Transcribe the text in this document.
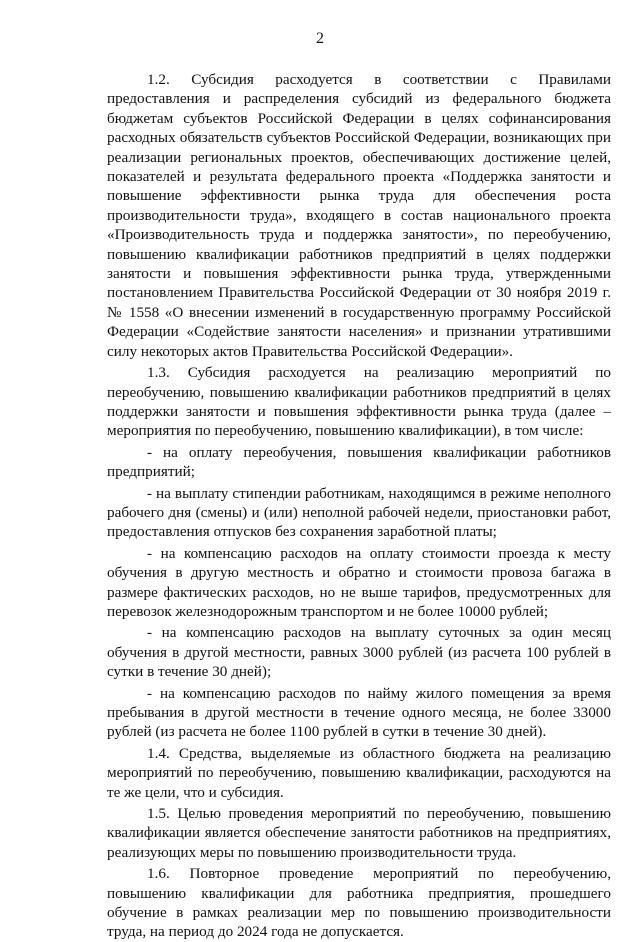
2

1.2. Субсидия расходуется в соответствии с Правилами предоставления и распределения субсидий из федерального бюджета бюджетам субъектов Российской Федерации в целях софинансирования расходных обязательств субъектов Российской Федерации, возникающих при реализации региональных проектов, обеспечивающих достижение целей, показателей и результата федерального проекта «Поддержка занятости и повышение эффективности рынка труда для обеспечения роста производительности труда», входящего в состав национального проекта «Производительность труда и поддержка занятости», по переобучению, повышению квалификации работников предприятий в целях поддержки занятости и повышения эффективности рынка труда, утвержденными постановлением Правительства Российской Федерации от 30 ноября 2019 г. № 1558 «О внесении изменений в государственную программу Российской Федерации «Содействие занятости населения» и признании утратившими силу некоторых актов Правительства Российской Федерации».

1.3. Субсидия расходуется на реализацию мероприятий по переобучению, повышению квалификации работников предприятий в целях поддержки занятости и повышения эффективности рынка труда (далее – мероприятия по переобучению, повышению квалификации), в том числе:

- на оплату переобучения, повышения квалификации работников предприятий;

- на выплату стипендии работникам, находящимся в режиме неполного рабочего дня (смены) и (или) неполной рабочей недели, приостановки работ, предоставления отпусков без сохранения заработной платы;

- на компенсацию расходов на оплату стоимости проезда к месту обучения в другую местность и обратно и стоимости провоза багажа в размере фактических расходов, но не выше тарифов, предусмотренных для перевозок железнодорожным транспортом и не более 10000 рублей;

- на компенсацию расходов на выплату суточных за один месяц обучения в другой местности, равных 3000 рублей (из расчета 100 рублей в сутки в течение 30 дней);

- на компенсацию расходов по найму жилого помещения за время пребывания в другой местности в течение одного месяца, не более 33000 рублей (из расчета не более 1100 рублей в сутки в течение 30 дней).

1.4. Средства, выделяемые из областного бюджета на реализацию мероприятий по переобучению, повышению квалификации, расходуются на те же цели, что и субсидия.

1.5. Целью проведения мероприятий по переобучению, повышению квалификации является обеспечение занятости работников на предприятиях, реализующих меры по повышению производительности труда.

1.6. Повторное проведение мероприятий по переобучению, повышению квалификации для работника предприятия, прошедшего обучение в рамках реализации мер по повышению производительности труда, на период до 2024 года не допускается.
